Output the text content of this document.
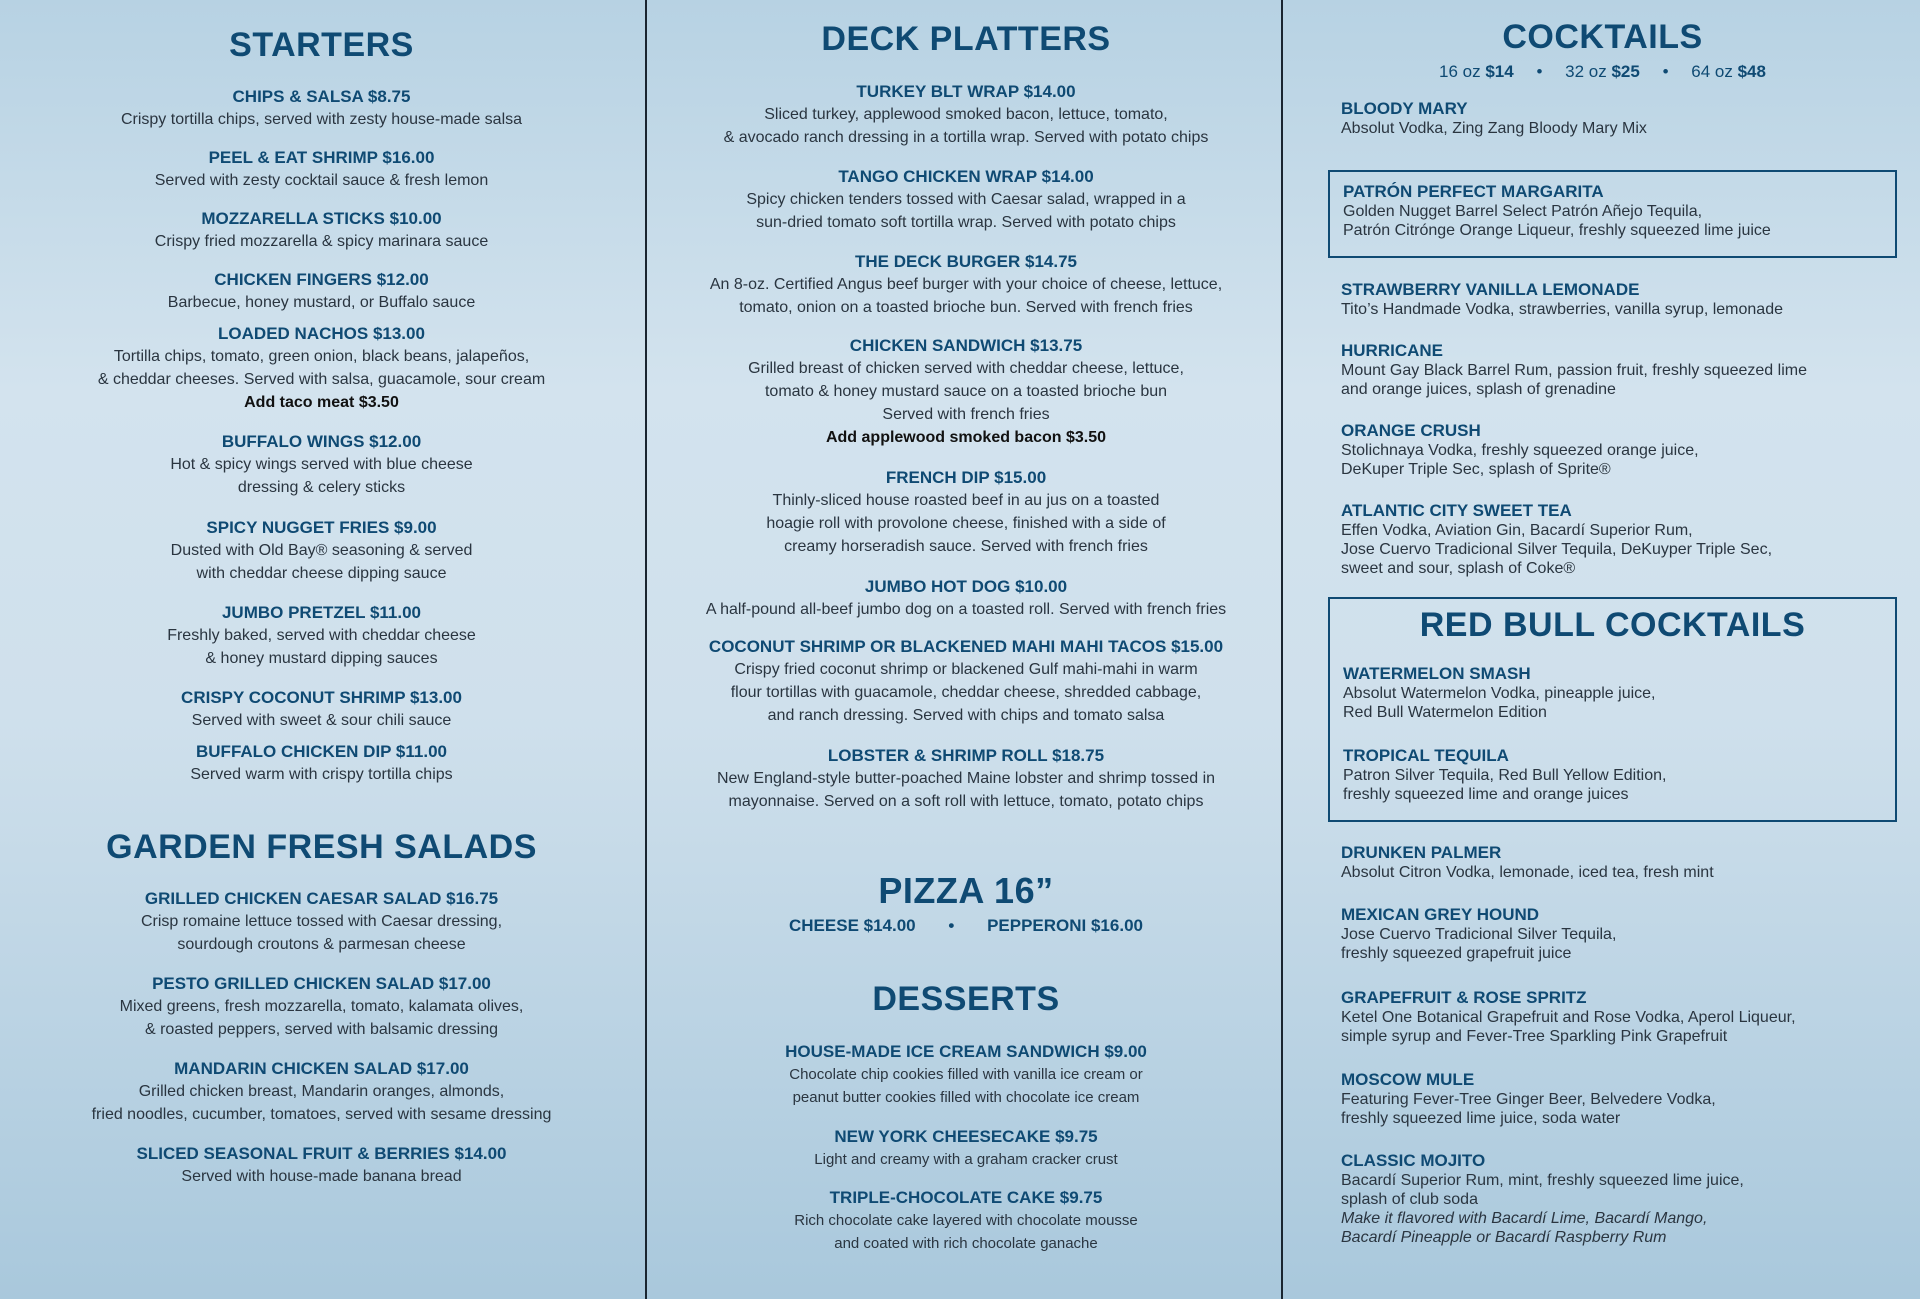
STARTERS
CHIPS & SALSA $8.75
Crispy tortilla chips, served with zesty house-made salsa
PEEL & EAT SHRIMP $16.00
Served with zesty cocktail sauce & fresh lemon
MOZZARELLA STICKS $10.00
Crispy fried mozzarella & spicy marinara sauce
CHICKEN FINGERS $12.00
Barbecue, honey mustard, or Buffalo sauce
LOADED NACHOS $13.00
Tortilla chips, tomato, green onion, black beans, jalapeños,
& cheddar cheeses. Served with salsa, guacamole, sour cream
Add taco meat $3.50
BUFFALO WINGS $12.00
Hot & spicy wings served with blue cheese
dressing & celery sticks
SPICY NUGGET FRIES $9.00
Dusted with Old Bay® seasoning & served
with cheddar cheese dipping sauce
JUMBO PRETZEL $11.00
Freshly baked, served with cheddar cheese
& honey mustard dipping sauces
CRISPY COCONUT SHRIMP $13.00
Served with sweet & sour chili sauce
BUFFALO CHICKEN DIP $11.00
Served warm with crispy tortilla chips
GARDEN FRESH SALADS
GRILLED CHICKEN CAESAR SALAD $16.75
Crisp romaine lettuce tossed with Caesar dressing,
sourdough croutons & parmesan cheese
PESTO GRILLED CHICKEN SALAD $17.00
Mixed greens, fresh mozzarella, tomato, kalamata olives,
& roasted peppers, served with balsamic dressing
MANDARIN CHICKEN SALAD $17.00
Grilled chicken breast, Mandarin oranges, almonds,
fried noodles, cucumber, tomatoes, served with sesame dressing
SLICED SEASONAL FRUIT & BERRIES $14.00
Served with house-made banana bread
DECK PLATTERS
TURKEY BLT WRAP $14.00
Sliced turkey, applewood smoked bacon, lettuce, tomato,
& avocado ranch dressing in a tortilla wrap. Served with potato chips
TANGO CHICKEN WRAP $14.00
Spicy chicken tenders tossed with Caesar salad, wrapped in a
sun-dried tomato soft tortilla wrap. Served with potato chips
THE DECK BURGER $14.75
An 8-oz. Certified Angus beef burger with your choice of cheese, lettuce,
tomato, onion on a toasted brioche bun. Served with french fries
CHICKEN SANDWICH $13.75
Grilled breast of chicken served with cheddar cheese, lettuce,
tomato & honey mustard sauce on a toasted brioche bun
Served with french fries
Add applewood smoked bacon $3.50
FRENCH DIP $15.00
Thinly-sliced house roasted beef in au jus on a toasted
hoagie roll with provolone cheese, finished with a side of
creamy horseradish sauce. Served with french fries
JUMBO HOT DOG $10.00
A half-pound all-beef jumbo dog on a toasted roll. Served with french fries
COCONUT SHRIMP OR BLACKENED MAHI MAHI TACOS $15.00
Crispy fried coconut shrimp or blackened Gulf mahi-mahi in warm
flour tortillas with guacamole, cheddar cheese, shredded cabbage,
and ranch dressing. Served with chips and tomato salsa
LOBSTER & SHRIMP ROLL $18.75
New England-style butter-poached Maine lobster and shrimp tossed in
mayonnaise. Served on a soft roll with lettuce, tomato, potato chips
PIZZA 16”
CHEESE $14.00 • PEPPERONI $16.00
DESSERTS
HOUSE-MADE ICE CREAM SANDWICH $9.00
Chocolate chip cookies filled with vanilla ice cream or
peanut butter cookies filled with chocolate ice cream
NEW YORK CHEESECAKE $9.75
Light and creamy with a graham cracker crust
TRIPLE-CHOCOLATE CAKE $9.75
Rich chocolate cake layered with chocolate mousse
and coated with rich chocolate ganache
COCKTAILS
16 oz $14 • 32 oz $25 • 64 oz $48
BLOODY MARY
Absolut Vodka, Zing Zang Bloody Mary Mix
PATRÓN PERFECT MARGARITA
Golden Nugget Barrel Select Patrón Añejo Tequila,
Patrón Citrónge Orange Liqueur, freshly squeezed lime juice
STRAWBERRY VANILLA LEMONADE
Tito’s Handmade Vodka, strawberries, vanilla syrup, lemonade
HURRICANE
Mount Gay Black Barrel Rum, passion fruit, freshly squeezed lime
and orange juices, splash of grenadine
ORANGE CRUSH
Stolichnaya Vodka, freshly squeezed orange juice,
DeKuper Triple Sec, splash of Sprite®
ATLANTIC CITY SWEET TEA
Effen Vodka, Aviation Gin, Bacardí Superior Rum,
Jose Cuervo Tradicional Silver Tequila, DeKuyper Triple Sec,
sweet and sour, splash of Coke®
RED BULL COCKTAILS
WATERMELON SMASH
Absolut Watermelon Vodka, pineapple juice,
Red Bull Watermelon Edition
TROPICAL TEQUILA
Patron Silver Tequila, Red Bull Yellow Edition,
freshly squeezed lime and orange juices
DRUNKEN PALMER
Absolut Citron Vodka, lemonade, iced tea, fresh mint
MEXICAN GREY HOUND
Jose Cuervo Tradicional Silver Tequila,
freshly squeezed grapefruit juice
GRAPEFRUIT & ROSE SPRITZ
Ketel One Botanical Grapefruit and Rose Vodka, Aperol Liqueur,
simple syrup and Fever-Tree Sparkling Pink Grapefruit
MOSCOW MULE
Featuring Fever-Tree Ginger Beer, Belvedere Vodka,
freshly squeezed lime juice, soda water
CLASSIC MOJITO
Bacardí Superior Rum, mint, freshly squeezed lime juice,
splash of club soda
Make it flavored with Bacardí Lime, Bacardí Mango,
Bacardí Pineapple or Bacardí Raspberry Rum
